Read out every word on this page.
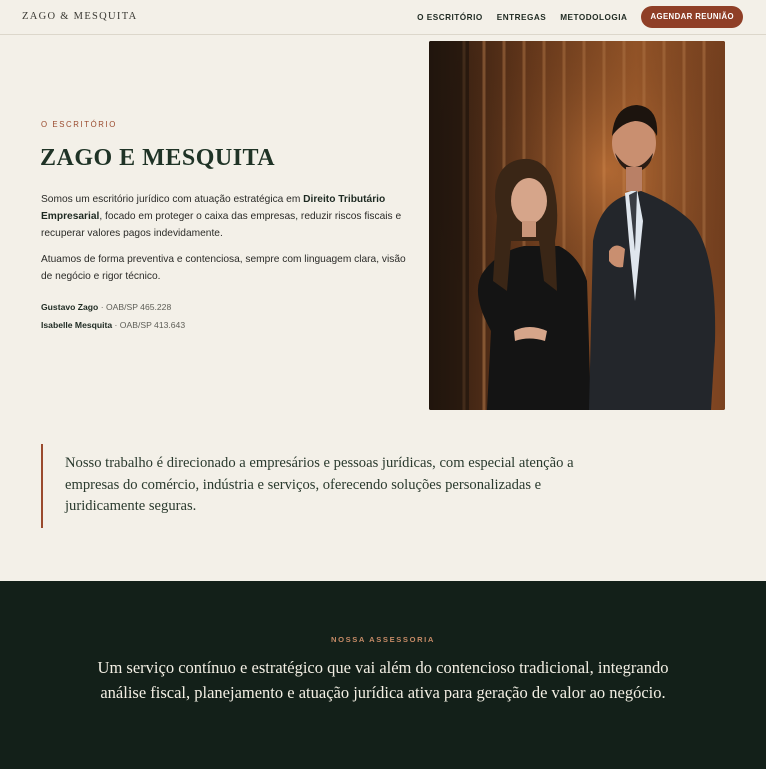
ZAGO & MESQUITA	O ESCRITÓRIO ENTREGAS METODOLOGIA	AGENDAR REUNIÃO
O ESCRITÓRIO
ZAGO E MESQUITA

Somos um escritório jurídico com atuação estratégica em Direito Tributário Empresarial, focado em proteger o caixa das empresas, reduzir riscos fiscais e recuperar valores pagos indevidamente.

Atuamos de forma preventiva e contenciosa, sempre com linguagem clara, visão de negócio e rigor técnico.

Gustavo Zago · OAB/SP 465.228
Isabelle Mesquita · OAB/SP 413.643

Nosso trabalho é direcionado a empresários e pessoas jurídicas, com especial atenção a empresas do comércio, indústria e serviços, oferecendo soluções personalizadas e juridicamente seguras.

NOSSA ASSESSORIA

Um serviço contínuo e estratégico que vai além do contencioso tradicional, integrando análise fiscal, planejamento e atuação jurídica ativa para geração de valor ao negócio.
